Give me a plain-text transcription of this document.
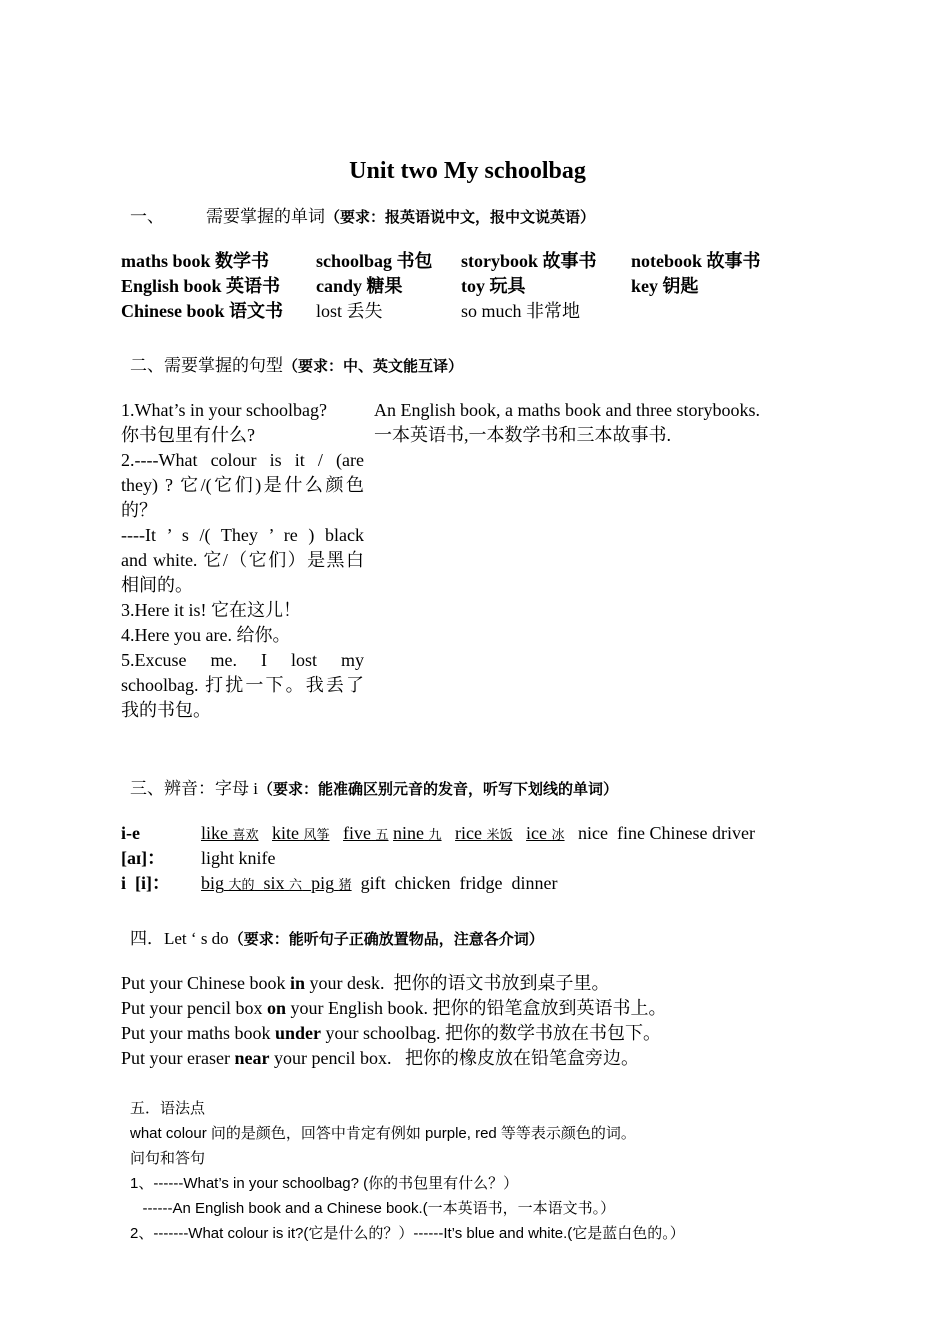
Unit two My schoolbag
一、 需要掌握的单词（要求：报英语说中文，报中文说英语）
maths book 数学书
English book 英语书
Chinese book 语文书
schoolbag 书包
candy 糖果
lost 丢失
storybook 故事书
toy 玩具
so much 非常地
notebook 故事书
key 钥匙
二、需要掌握的句型（要求：中、英文能互译）
1.What’s in your schoolbag?
你书包里有什么?
2.----What colour is it / (are
they) ? 它/(它们)是什么颜色
的？
----It ’ s /( They ’ re ) black
and white. 它/（它们）是黑白
相间的。
3.Here it is! 它在这儿！
4.Here you are. 给你。
5.Excuse me. I lost my
schoolbag. 打扰一下。我丢了
我的书包。
An English book, a maths book and three storybooks.
一本英语书,一本数学书和三本故事书.
三、辨音：字母 i（要求：能准确区别元音的发音，听写下划线的单词）
i-e	like 喜欢 kite 风筝 five 五 nine 九 rice 米饭 ice 冰 nice  fine Chinese driver
[aɪ]： light knife
i  [i]： big 大的 six 六 pig 猪 gift  chicken  fridge  dinner
四．Let ‘ s do（要求：能听句子正确放置物品，注意各介词）
Put your Chinese book in your desk.  把你的语文书放到桌子里。
Put your pencil box on your English book. 把你的铅笔盒放到英语书上。
Put your maths book under your schoolbag. 把你的数学书放在书包下。
Put your eraser near your pencil box.   把你的橡皮放在铅笔盒旁边。
五．语法点
what colour 问的是颜色，回答中肯定有例如 purple, red 等等表示颜色的词。
问句和答句
1、------What’s in your schoolbag? (你的书包里有什么？）
------An English book and a Chinese book.(一本英语书，一本语文书。）
2、-------What colour is it?(它是什么的？）------It’s blue and white.(它是蓝白色的。）
